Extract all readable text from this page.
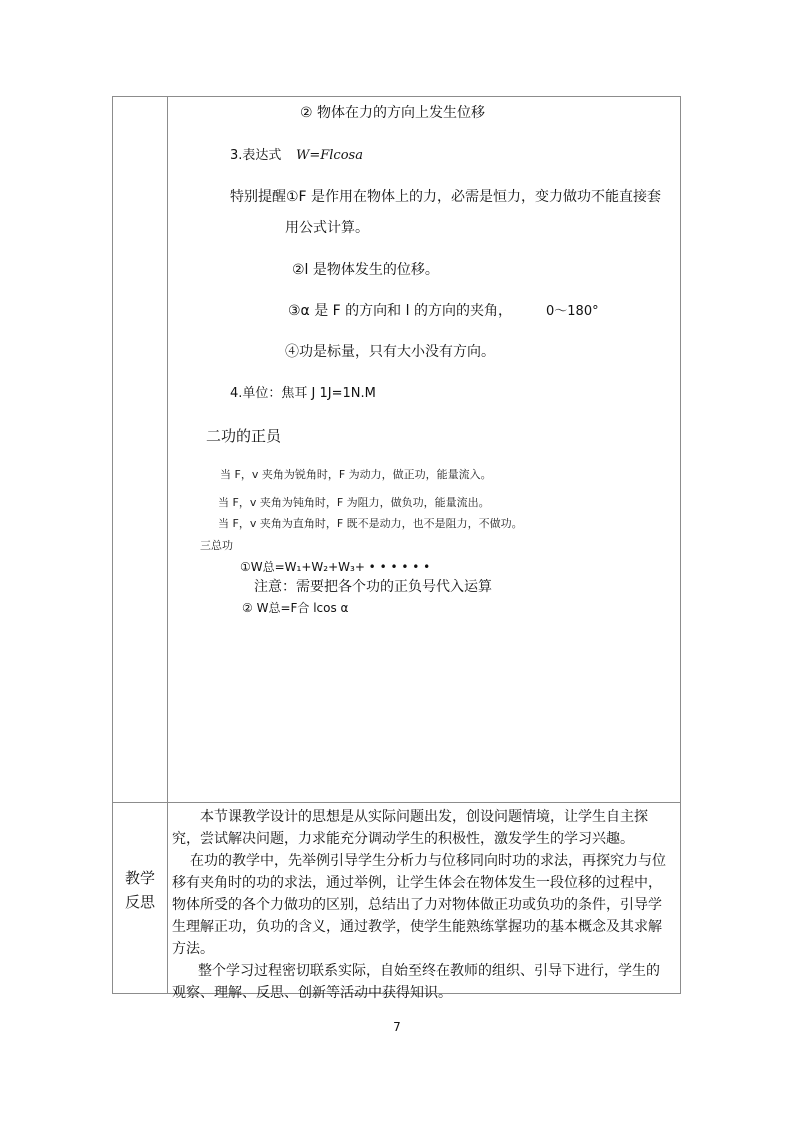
② 物体在力的方向上发生位移
3.表达式 W=Flcosa
特别提醒①F 是作用在物体上的力，必需是恒力，变力做功不能直接套
用公式计算。
②l 是物体发生的位移。
③α 是 F 的方向和 l 的方向的夹角，	0～180°
④功是标量，只有大小没有方向。
4.单位：焦耳 J 1J=1N.M
二功的正员
当 F，v 夹角为锐角时，F 为动力，做正功，能量流入。
当 F，v 夹角为钝角时，F 为阻力，做负功，能量流出。
当 F，v 夹角为直角时，F 既不是动力，也不是阻力，不做功。
三总功
①W总=W₁+W₂+W₃+ • • • • • •
注意：需要把各个功的正负号代入运算
② W总=F合 lcos α
教学
反思
本节课教学设计的思想是从实际问题出发，创设问题情境，让学生自主探究，尝试解决问题，力求能充分调动学生的积极性，激发学生的学习兴趣。
在功的教学中，先举例引导学生分析力与位移同向时功的求法，再探究力与位移有夹角时的功的求法，通过举例，让学生体会在物体发生一段位移的过程中，物体所受的各个力做功的区别，总结出了力对物体做正功或负功的条件，引导学生理解正功，负功的含义，通过教学，使学生能熟练掌握功的基本概念及其求解方法。
整个学习过程密切联系实际，自始至终在教师的组织、引导下进行，学生的观察、理解、反思、创新等活动中获得知识。
7
